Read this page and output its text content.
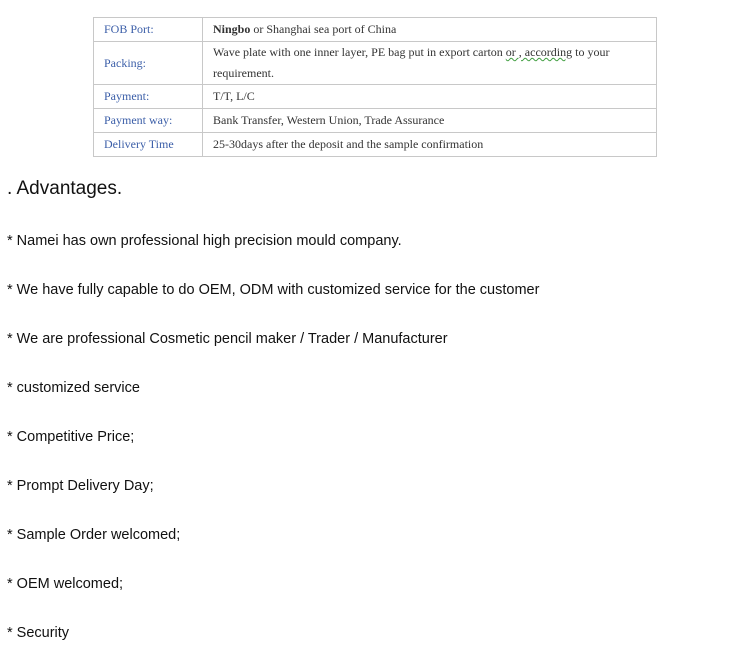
FOB Port:	Ningbo or Shanghai sea port of China
Packing:	Wave plate with one inner layer, PE bag put in export carton or , according to your requirement.
Payment:	T/T, L/C
Payment way:	Bank Transfer, Western Union, Trade Assurance
Delivery Time	25-30days after the deposit and the sample confirmation
. Advantages.
* Namei has own professional high precision mould company.
* We have fully capable to do OEM, ODM with customized service for the customer
* We are professional Cosmetic pencil maker / Trader / Manufacturer
* customized service
* Competitive Price;
* Prompt Delivery Day;
* Sample Order welcomed;
* OEM welcomed;
* Security
